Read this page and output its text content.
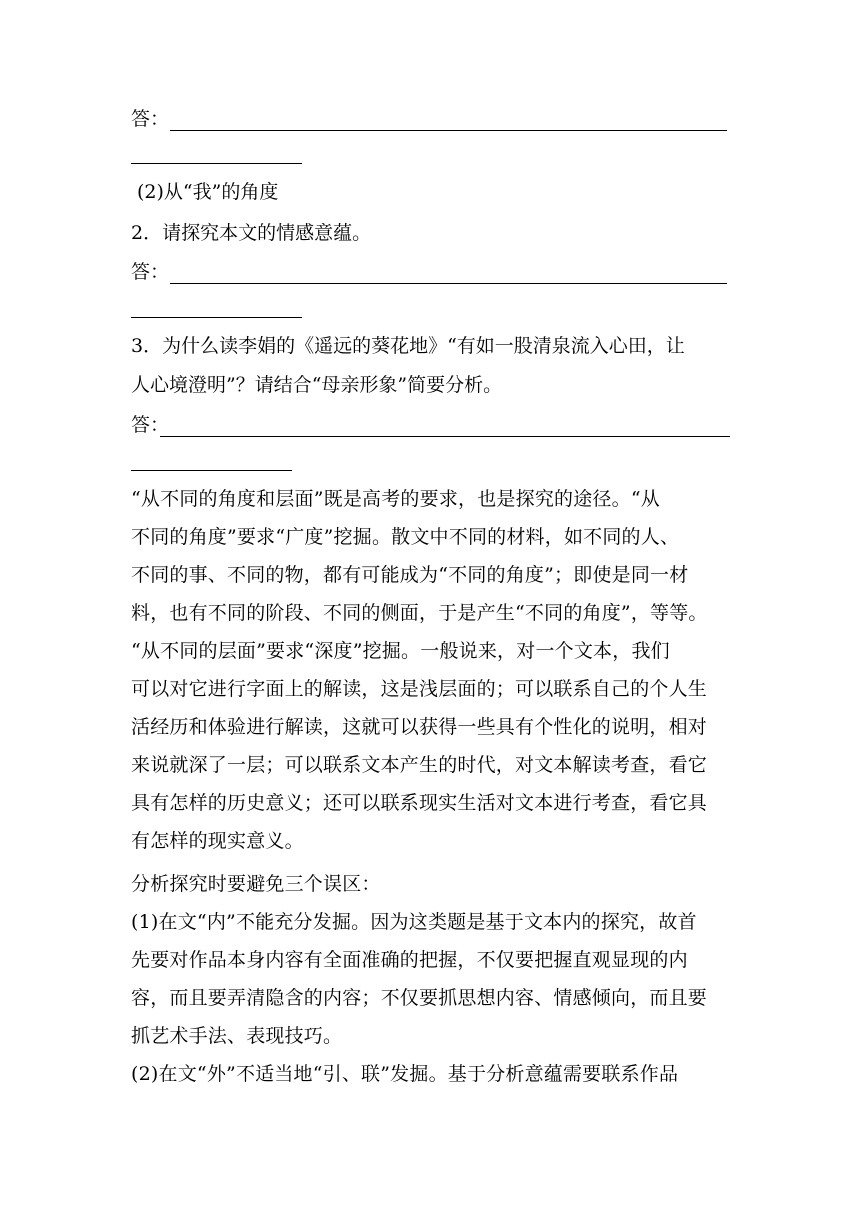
答：
(2)从“我”的角度
2．请探究本文的情感意蕴。
答：
3．为什么读李娟的《遥远的葵花地》“有如一股清泉流入心田，让
人心境澄明”？请结合“母亲形象”简要分析。
答：
“从不同的角度和层面”既是高考的要求，也是探究的途径。“从
不同的角度”要求“广度”挖掘。散文中不同的材料，如不同的人、
不同的事、不同的物，都有可能成为“不同的角度”；即使是同一材
料，也有不同的阶段、不同的侧面，于是产生“不同的角度”，等等。
“从不同的层面”要求“深度”挖掘。一般说来，对一个文本，我们
可以对它进行字面上的解读，这是浅层面的；可以联系自己的个人生
活经历和体验进行解读，这就可以获得一些具有个性化的说明，相对
来说就深了一层；可以联系文本产生的时代，对文本解读考查，看它
具有怎样的历史意义；还可以联系现实生活对文本进行考查，看它具
有怎样的现实意义。
分析探究时要避免三个误区：
(1)在文“内”不能充分发掘。因为这类题是基于文本内的探究，故首
先要对作品本身内容有全面准确的把握，不仅要把握直观显现的内
容，而且要弄清隐含的内容；不仅要抓思想内容、情感倾向，而且要
抓艺术手法、表现技巧。
(2)在文“外”不适当地“引、联”发掘。基于分析意蕴需要联系作品
